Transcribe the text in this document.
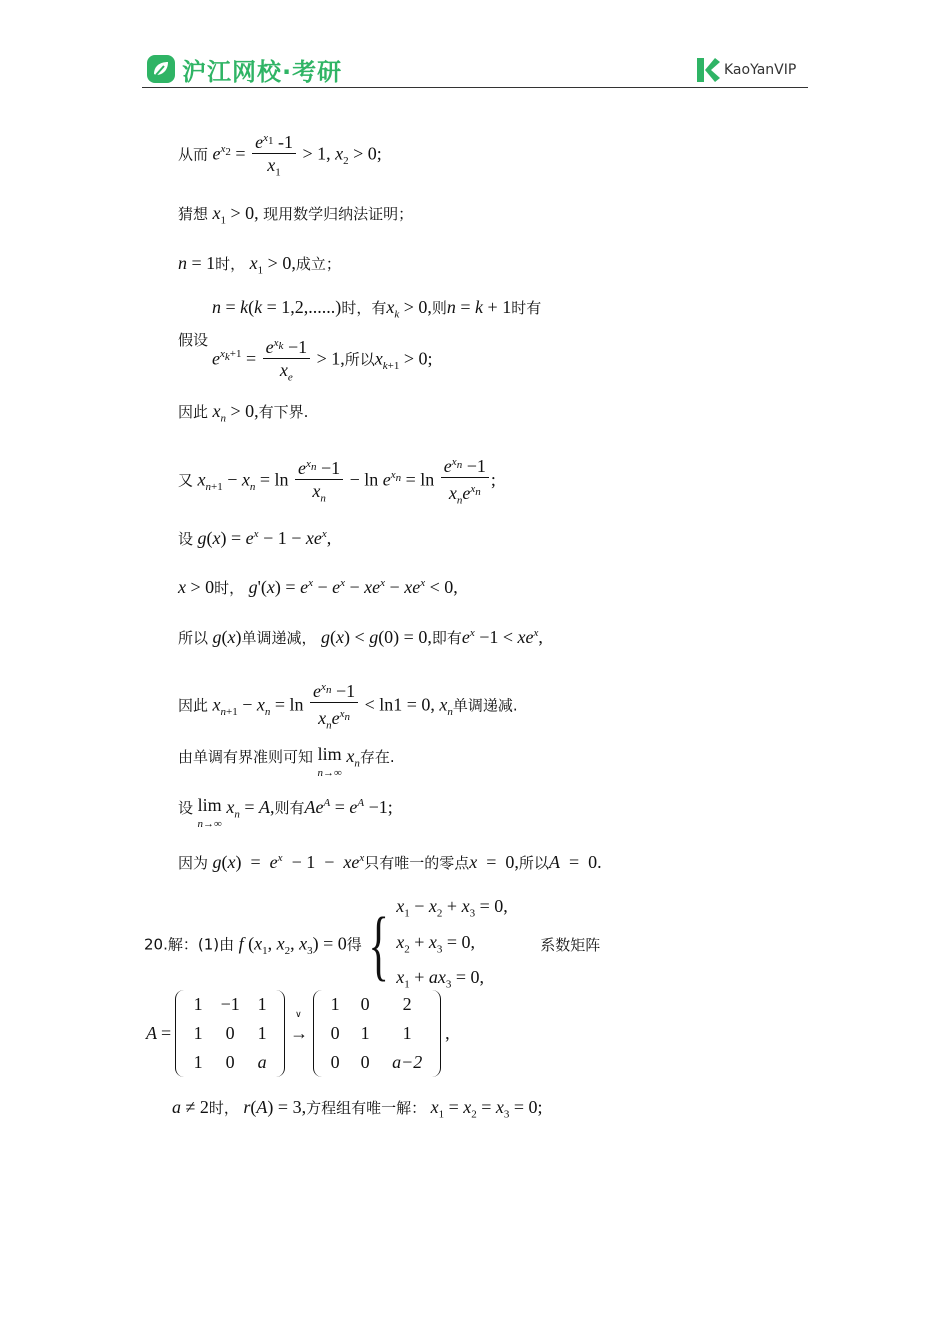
沪江网校·考研	KaoYanVIP
从而 $e^{x_2} = \frac{e^{x_1} -1}{x_1} > 1$, $x_2 > 0$;
猜想 $x_1 > 0$, 现用数学归纳法证明；
n = 1时， $x_1 > 0$,成立；
n = k(k = 1,2,......)时，有$x_k > 0$,则n = k + 1时有
假设
$e^{x_k+1} = \frac{e^{x_k} -1}{x_e} > 1$,所以$x_{k+1} > 0$;
因此 $x_n > 0$,有下界.
又 $x_{n+1} - x_n = \ln \frac{e^{x_n} -1}{x_n} - \ln e^{x_n} = \ln \frac{e^{x_n} -1}{x_ne^{x_n}}$ ;
设 $g(x) = e^x - 1 - xe^x$,
x > 0时， $g'(x) = e^x - e^x - xe^x - xe^x < 0$,
所以 g(x)单调递减， g(x) < g(0) = 0,即有$e^x -1 < xe^x$,
因此 $x_{n+1} - x_n = \ln \frac{e^{x_n} -1}{x_ne^{x_n}} < \ln 1 = 0$, $x_n$单调递减.
由单调有界准则可知 lim
n→∞ $x_n$存在.
设 lim
n→∞ $x_n = A$,则有$Ae^A = e^A -1$;
因为 $g(x) = e^x - 1 - xe^x$只有唯一的零点x  =  0,所以A  =  0.
20.解：(1)由 f ($x_1$, $x_2$, $x_3) = 0$得 { $x_1 - x_2 + x_3 = 0$,
$x_2 + x_3 = 0$,
$x_1 + ax_3 = 0$, 系数矩阵
A =
1 −1 1
1	0	1
1	0	a
→
∨	1	0	2
0	1	1
0	0	a−2
,
a ≠ 2时， r(A) = 3,方程组有唯一解： $x_1 = x_2 = x_3 = 0$;
